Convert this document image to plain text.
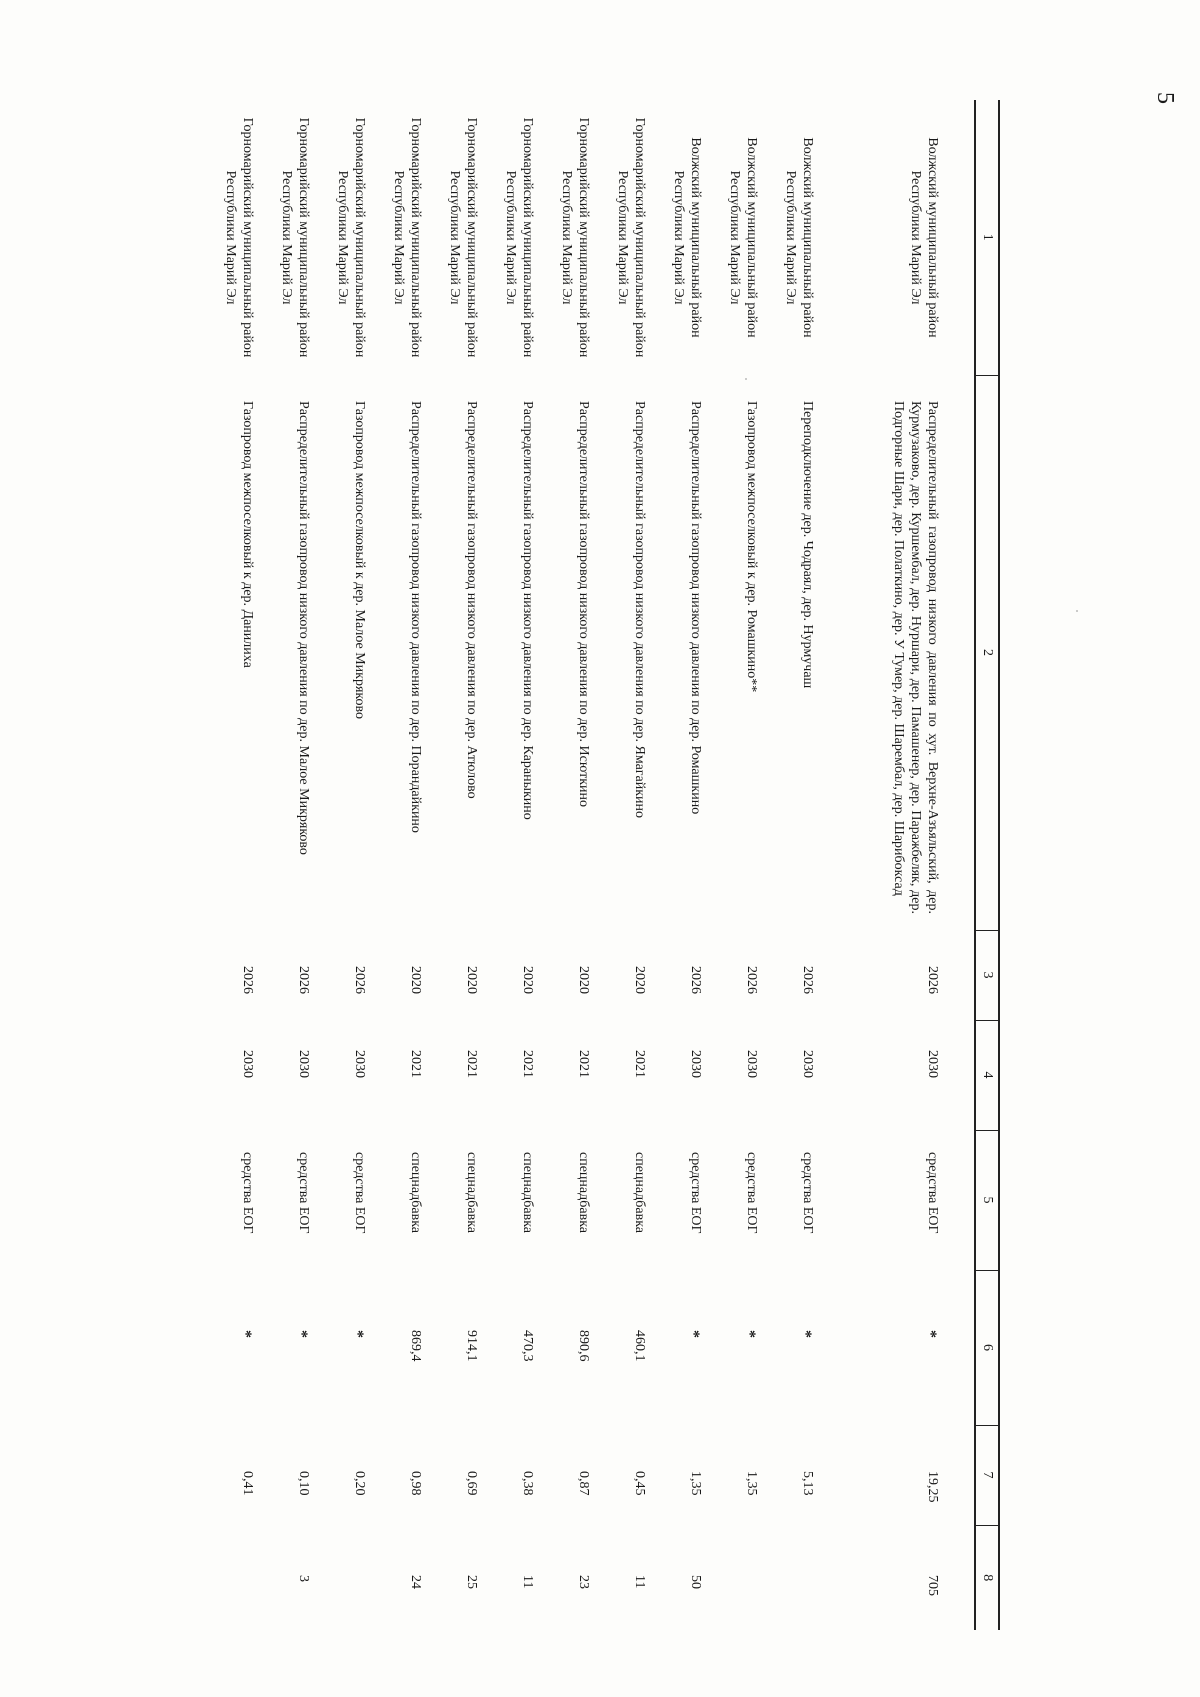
5
1	2	3	4	5	6	7	8
Волжский муниципальный район Республики Марий Эл	Распределительный газопровод низкого давления по хут. Верхне-Азъяльский, дер. Курмузаково, дер. Куршембал, дер. Нуршари, дер. Памашенер, дер. Паражбеляк, дер. Подгорные Шари, дер. Полаткино, дер. У Тумер, дер. Шарембал, дер. Шарибоксад	2026	2030	средства ЕОГ	*	19,25	705
Волжский муниципальный район Республики Марий Эл	Переподключение дер. Чодраял, дер. Нурмучаш	2026	2030	средства ЕОГ	*	5,13	
Волжский муниципальный район Республики Марий Эл	Газопровод межпоселковый к дер. Ромашкино**	2026	2030	средства ЕОГ	*	1,35	
Волжский муниципальный район Республики Марий Эл	Распределительный газопровод низкого давления по дер. Ромашкино	2026	2030	средства ЕОГ	*	1,35	50
Горномарийский муниципальный район Республики Марий Эл	Распределительный газопровод низкого давления по дер. Ямагайкино	2020	2021	спецнадбавка	460,1	0,45	11
Горномарийский муниципальный район Республики Марий Эл	Распределительный газопровод низкого давления по дер. Исюткино	2020	2021	спецнадбавка	890,6	0,87	23
Горномарийский муниципальный район Республики Марий Эл	Распределительный газопровод низкого давления по дер. Караныкино	2020	2021	спецнадбавка	470,3	0,38	11
Горномарийский муниципальный район Республики Марий Эл	Распределительный газопровод низкого давления по дер. Атюлово	2020	2021	спецнадбавка	914,1	0,69	25
Горномарийский муниципальный район Республики Марий Эл	Распределительный газопровод низкого давления по дер. Порандайкино	2020	2021	спецнадбавка	869,4	0,98	24
Горномарийский муниципальный район Республики Марий Эл	Газопровод межпоселковый к дер. Малое Микряково	2026	2030	средства ЕОГ	*	0,20	
Горномарийский муниципальный район Республики Марий Эл	Распределительный газопровод низкого давления по дер. Малое Микряково	2026	2030	средства ЕОГ	*	0,10	3
Горномарийский муниципальный район Республики Марий Эл	Газопровод межпоселковый к дер. Данилиха	2026	2030	средства ЕОГ	*	0,41	
